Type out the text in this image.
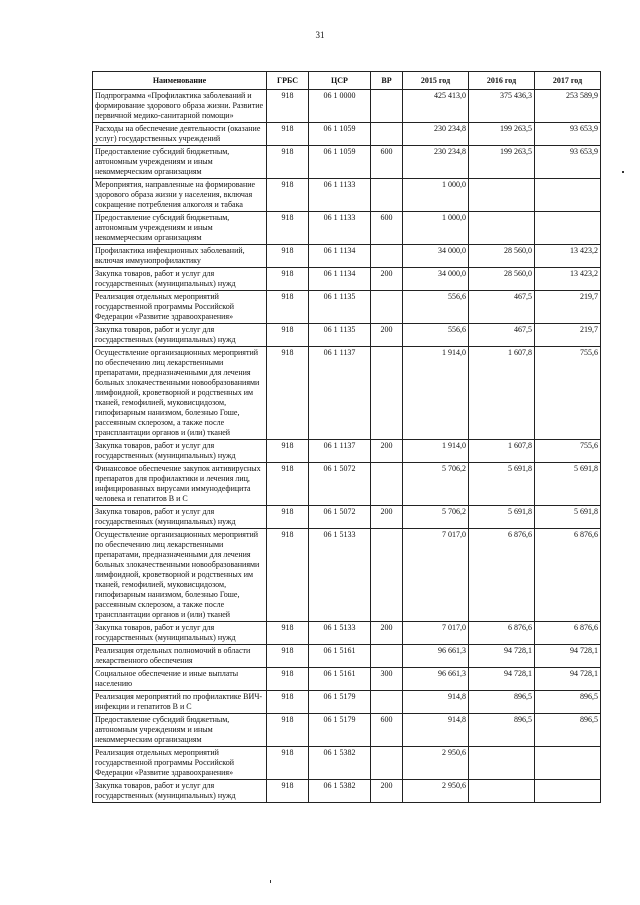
31
Наименование	ГРБС	ЦСР	ВР	2015 год	2016 год	2017 год
Подпрограмма «Профилактика заболеваний и формирование здорового образа жизни. Развитие первичной медико-санитарной помощи»	918	06 1 0000		425 413,0	375 436,3	253 589,9
Расходы на обеспечение деятельности (оказание услуг) государственных учреждений	918	06 1 1059		230 234,8	199 263,5	93 653,9
Предоставление субсидий бюджетным, автономным учреждениям и иным некоммерческим организациям	918	06 1 1059	600	230 234,8	199 263,5	93 653,9
Мероприятия, направленные на формирование здорового образа жизни у населения, включая сокращение потребления алкоголя и табака	918	06 1 1133		1 000,0		
Предоставление субсидий бюджетным, автономным учреждениям и иным некоммерческим организациям	918	06 1 1133	600	1 000,0		
Профилактика инфекционных заболеваний, включая иммунопрофилактику	918	06 1 1134		34 000,0	28 560,0	13 423,2
Закупка товаров, работ и услуг для государственных (муниципальных) нужд	918	06 1 1134	200	34 000,0	28 560,0	13 423,2
Реализация отдельных мероприятий государственной программы Российской Федерации «Развитие здравоохранения»	918	06 1 1135		556,6	467,5	219,7
Закупка товаров, работ и услуг для государственных (муниципальных) нужд	918	06 1 1135	200	556,6	467,5	219,7
Осуществление организационных мероприятий по обеспечению лиц лекарственными препаратами, предназначенными для лечения больных злокачественными новообразованиями лимфоидной, кроветворной и родственных им тканей, гемофилией, муковисцидозом, гипофизарным нанизмом, болезнью Гоше, рассеянным склерозом, а также после трансплантации органов и (или) тканей	918	06 1 1137		1 914,0	1 607,8	755,6
Закупка товаров, работ и услуг для государственных (муниципальных) нужд	918	06 1 1137	200	1 914,0	1 607,8	755,6
Финансовое обеспечение закупок антивирусных препаратов для профилактики и лечения лиц, инфицированных вирусами иммунодефицита человека и гепатитов В и С	918	06 1 5072		5 706,2	5 691,8	5 691,8
Закупка товаров, работ и услуг для государственных (муниципальных) нужд	918	06 1 5072	200	5 706,2	5 691,8	5 691,8
Осуществление организационных мероприятий по обеспечению лиц лекарственными препаратами, предназначенными для лечения больных злокачественными новообразованиями лимфоидной, кроветворной и родственных им тканей, гемофилией, муковисцидозом, гипофизарным нанизмом, болезнью Гоше, рассеянным склерозом, а также после трансплантации органов и (или) тканей	918	06 1 5133		7 017,0	6 876,6	6 876,6
Закупка товаров, работ и услуг для государственных (муниципальных) нужд	918	06 1 5133	200	7 017,0	6 876,6	6 876,6
Реализация отдельных полномочий в области лекарственного обеспечения	918	06 1 5161		96 661,3	94 728,1	94 728,1
Социальное обеспечение и иные выплаты населению	918	06 1 5161	300	96 661,3	94 728,1	94 728,1
Реализация мероприятий по профилактике ВИЧ-инфекции и гепатитов В и С	918	06 1 5179		914,8	896,5	896,5
Предоставление субсидий бюджетным, автономным учреждениям и иным некоммерческим организациям	918	06 1 5179	600	914,8	896,5	896,5
Реализация отдельных мероприятий государственной программы Российской Федерации «Развитие здравоохранения»	918	06 1 5382		2 950,6		
Закупка товаров, работ и услуг для государственных (муниципальных) нужд	918	06 1 5382	200	2 950,6		
